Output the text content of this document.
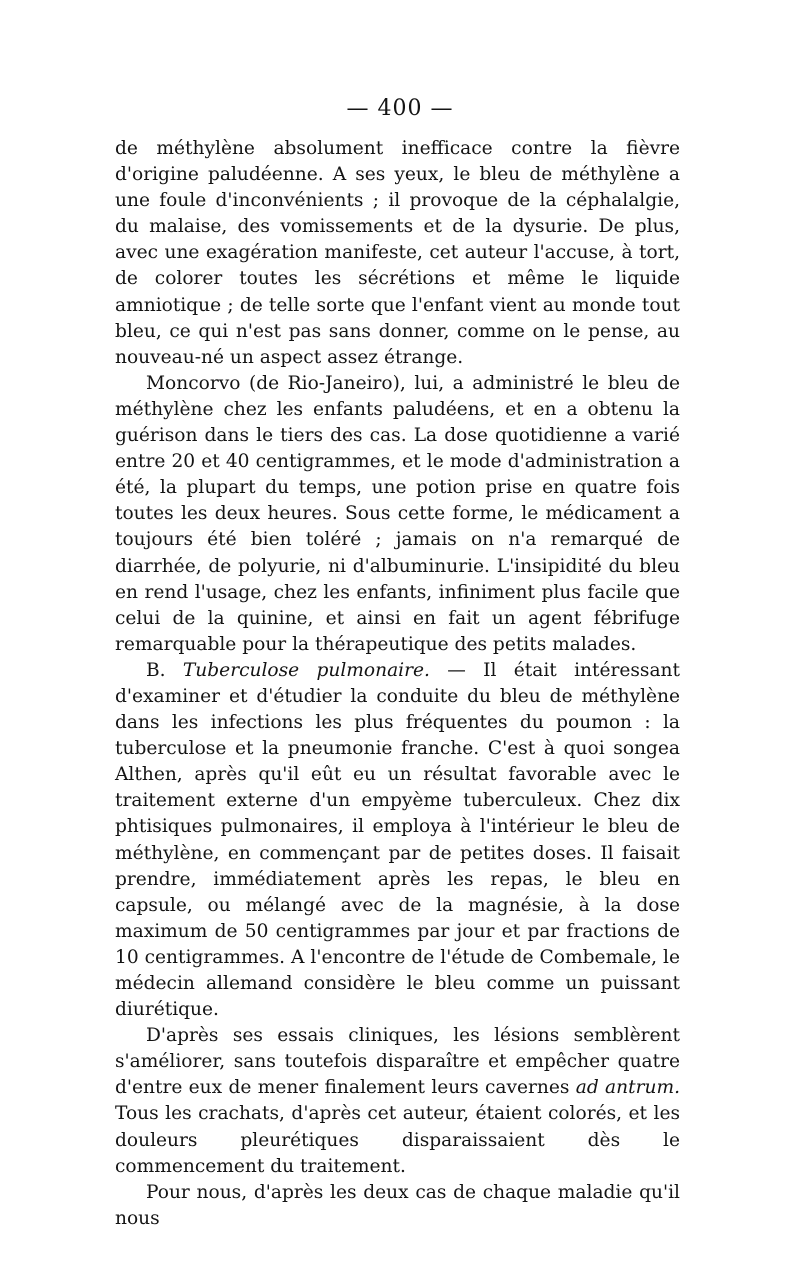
— 400 —

de méthylène absolument inefficace contre la fièvre d'origine paludéenne. A ses yeux, le bleu de méthylène a une foule d'inconvénients ; il provoque de la céphalalgie, du malaise, des vomissements et de la dysurie. De plus, avec une exagération manifeste, cet auteur l'accuse, à tort, de colorer toutes les sécrétions et même le liquide amniotique ; de telle sorte que l'enfant vient au monde tout bleu, ce qui n'est pas sans donner, comme on le pense, au nouveau-né un aspect assez étrange.

Moncorvo (de Rio-Janeiro), lui, a administré le bleu de méthylène chez les enfants paludéens, et en a obtenu la guérison dans le tiers des cas. La dose quotidienne a varié entre 20 et 40 centigrammes, et le mode d'administration a été, la plupart du temps, une potion prise en quatre fois toutes les deux heures. Sous cette forme, le médicament a toujours été bien toléré ; jamais on n'a remarqué de diarrhée, de polyurie, ni d'albuminurie. L'insipidité du bleu en rend l'usage, chez les enfants, infiniment plus facile que celui de la quinine, et ainsi en fait un agent fébrifuge remarquable pour la thérapeutique des petits malades.

B. Tuberculose pulmonaire. — Il était intéressant d'examiner et d'étudier la conduite du bleu de méthylène dans les infections les plus fréquentes du poumon : la tuberculose et la pneumonie franche. C'est à quoi songea Althen, après qu'il eût eu un résultat favorable avec le traitement externe d'un empyème tuberculeux. Chez dix phtisiques pulmonaires, il employa à l'intérieur le bleu de méthylène, en commençant par de petites doses. Il faisait prendre, immédiatement après les repas, le bleu en capsule, ou mélangé avec de la magnésie, à la dose maximum de 50 centigrammes par jour et par fractions de 10 centigrammes. A l'encontre de l'étude de Combemale, le médecin allemand considère le bleu comme un puissant diurétique.

D'après ses essais cliniques, les lésions semblèrent s'améliorer, sans toutefois disparaître et empêcher quatre d'entre eux de mener finalement leurs cavernes ad antrum. Tous les crachats, d'après cet auteur, étaient colorés, et les douleurs pleurétiques disparaissaient dès le commencement du traitement.

Pour nous, d'après les deux cas de chaque maladie qu'il nous
